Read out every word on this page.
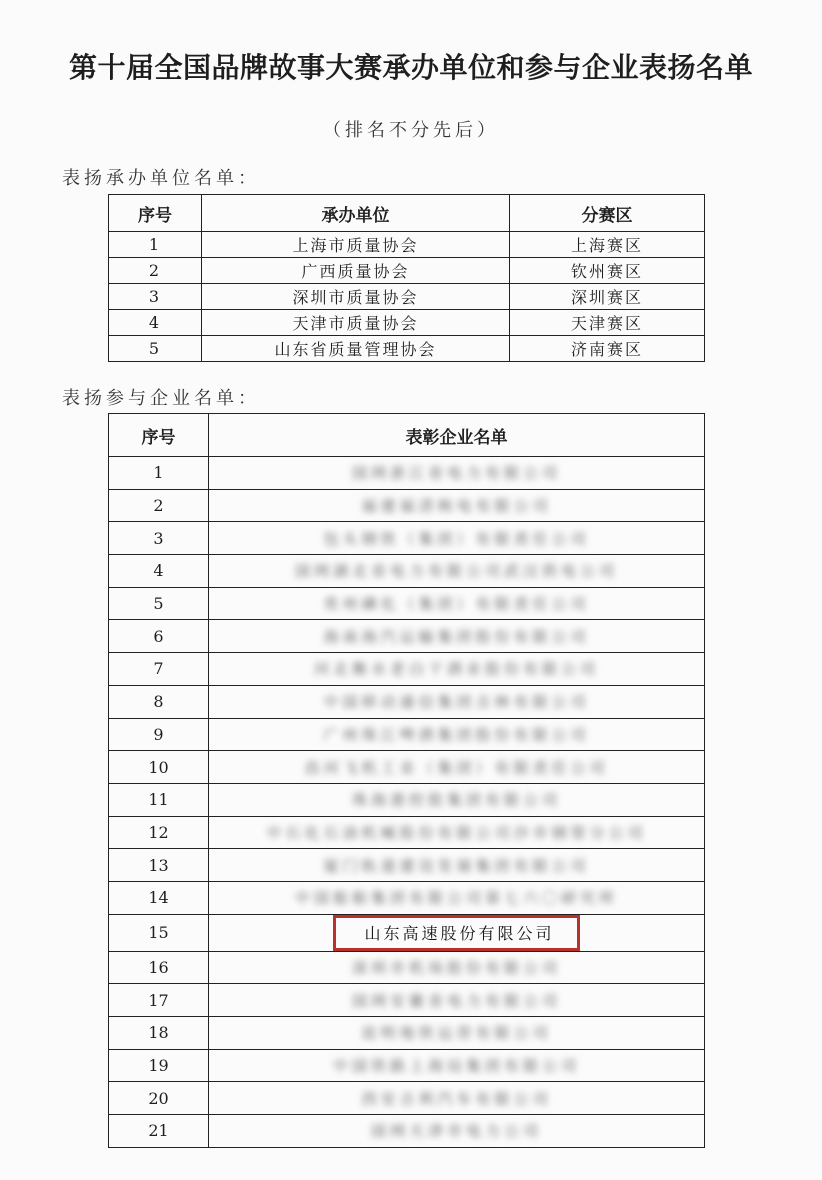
第十届全国品牌故事大赛承办单位和参与企业表扬名单
（排名不分先后）
表扬承办单位名单：
序号	承办单位	分赛区
1	上海市质量协会	上海赛区
2	广西质量协会	钦州赛区
3	深圳市质量协会	深圳赛区
4	天津市质量协会	天津赛区
5	山东省质量管理协会	济南赛区
表扬参与企业名单：
序号	表彰企业名单
1	国网浙江省电力有限公司
2	福建福清核电有限公司
3	包头钢铁（集团）有限责任公司
4	国网湖北省电力有限公司武汉供电公司
5	贵州磷化（集团）有限责任公司
6	海南海汽运输集团股份有限公司
7	河北衡水老白干酒业股份有限公司
8	中国移动通信集团吉林有限公司
9	广州珠江啤酒集团股份有限公司
10	昌河飞机工业（集团）有限责任公司
11	珠海港控股集团有限公司
12	中石化石油机械股份有限公司沙市钢管分公司
13	厦门轨道建设发展集团有限公司
14	中国船舶集团有限公司第七六〇研究所
15	山东高速股份有限公司
16	深圳市机场股份有限公司
17	国网安徽省电力有限公司
18	昆明地铁运营有限公司
19	中国铁路上海局集团有限公司
20	西安吉利汽车有限公司
21	国网天津市电力公司
